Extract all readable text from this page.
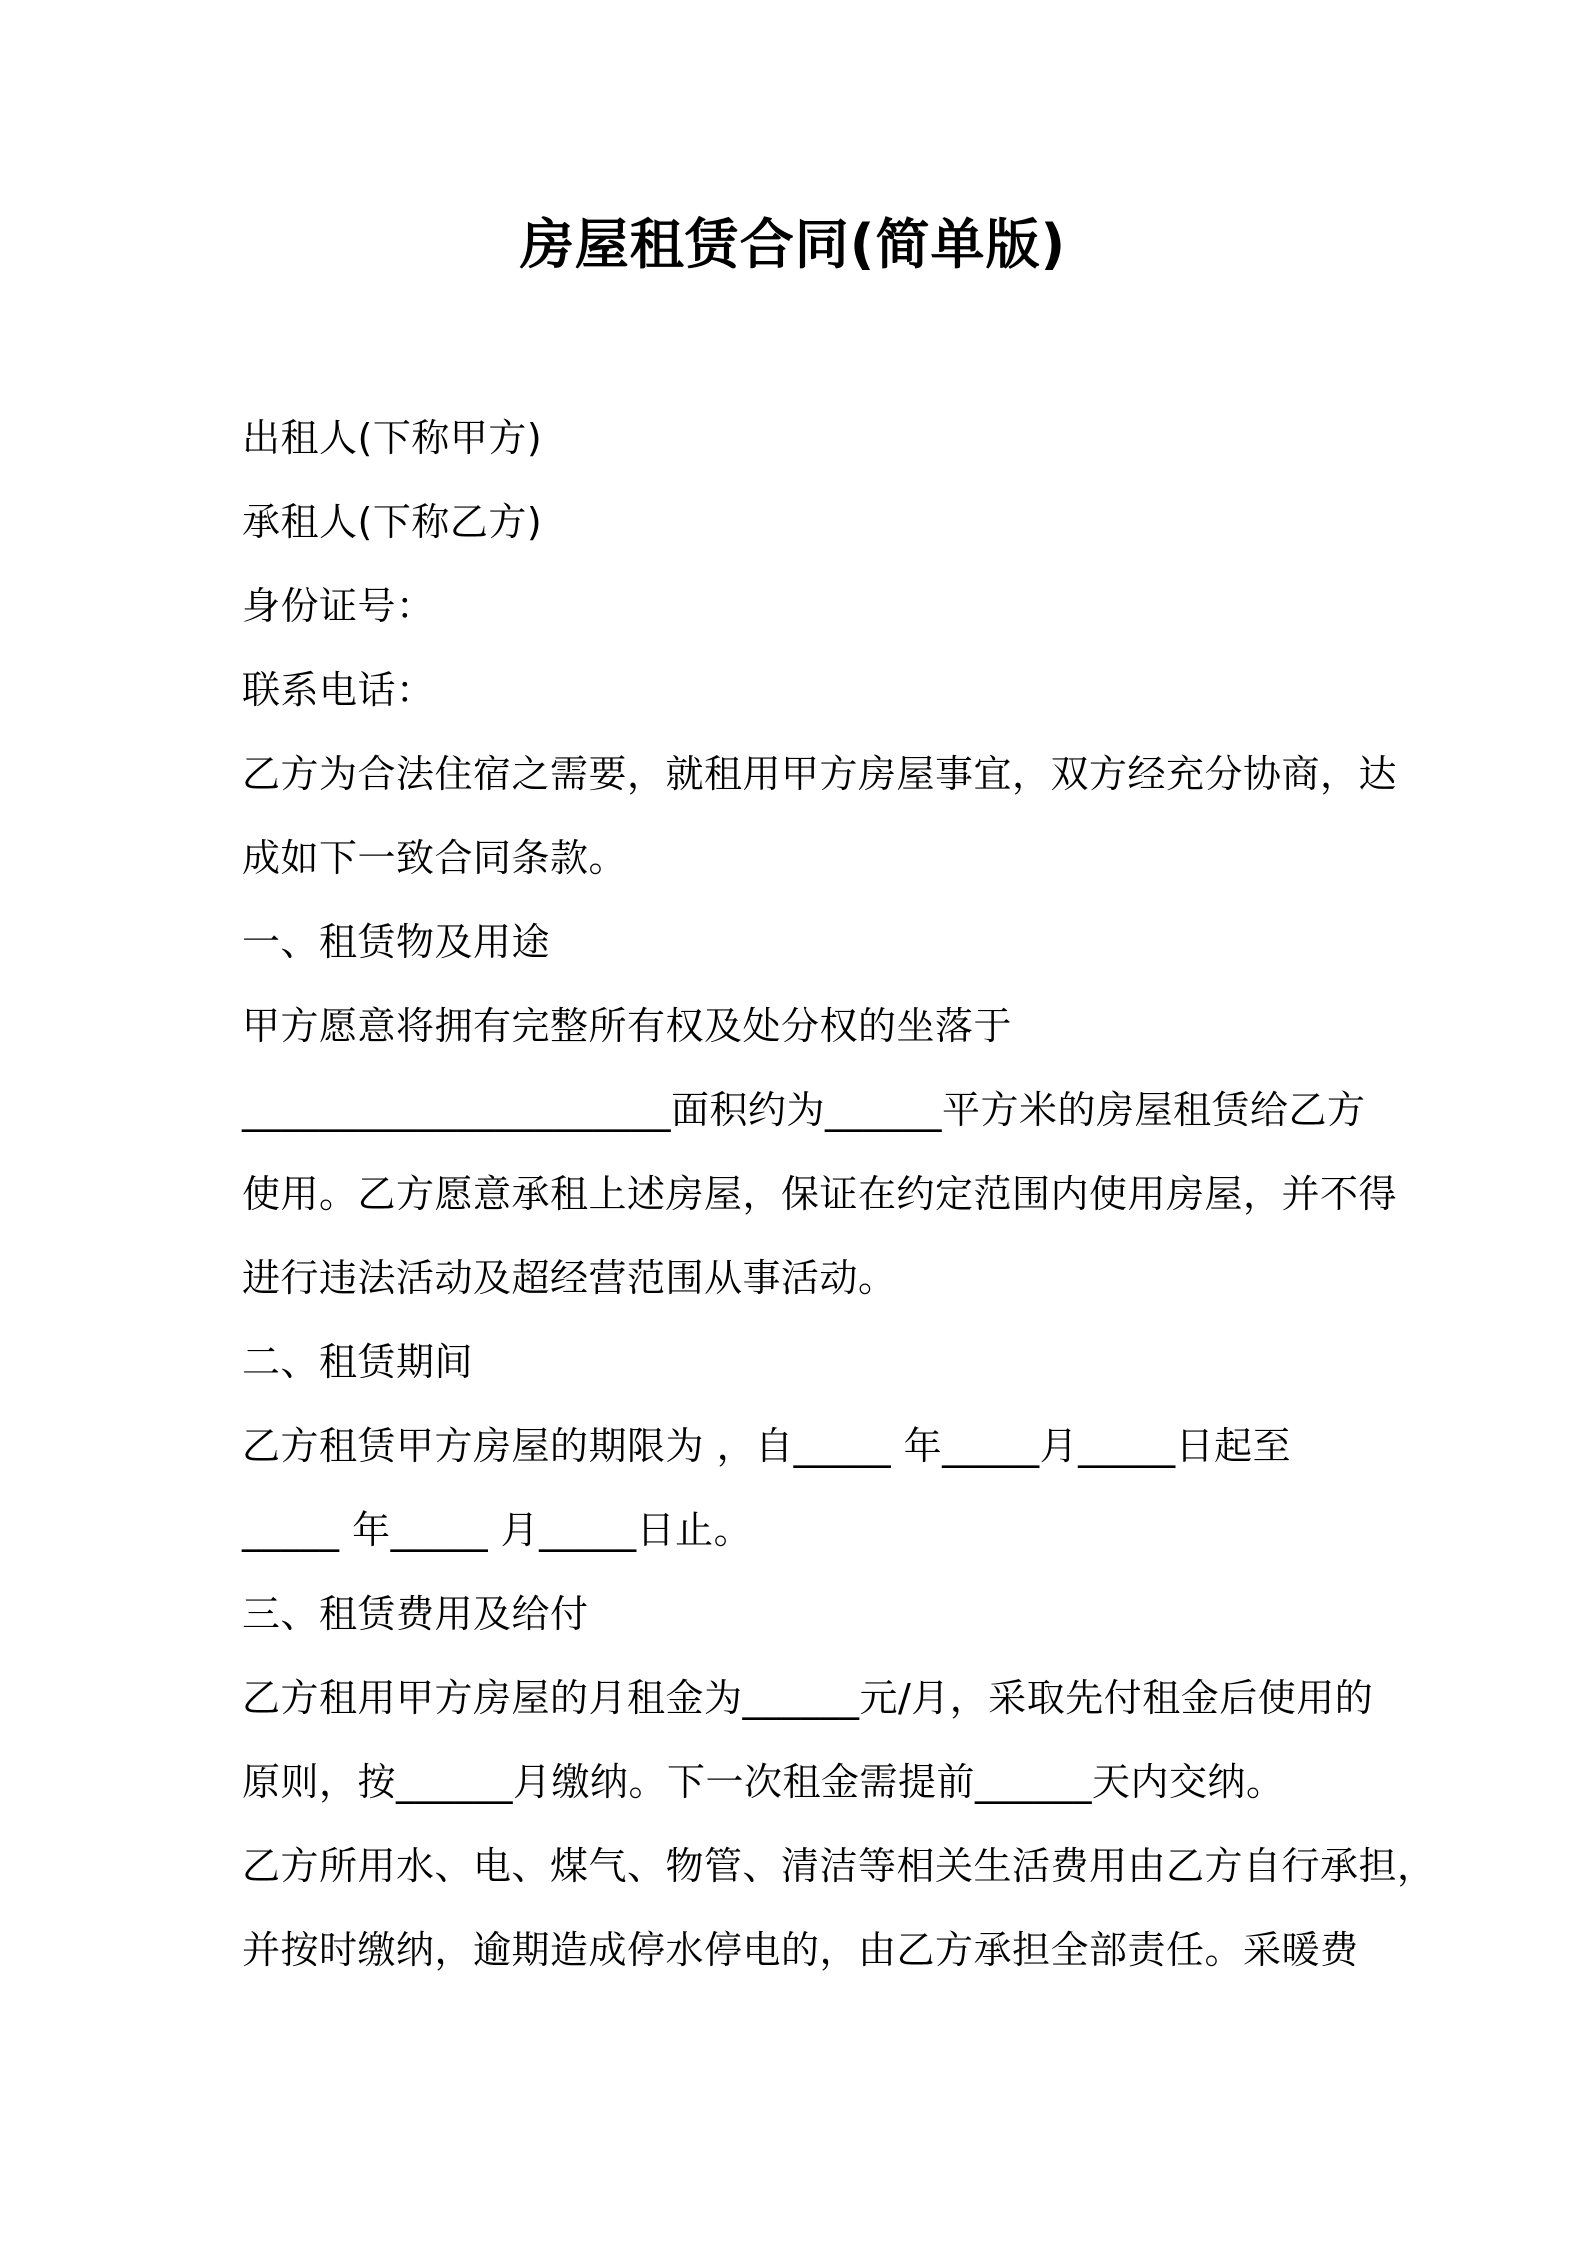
房屋租赁合同(简单版)
出租人(下称甲方)
承租人(下称乙方)
身份证号：
联系电话：
乙方为合法住宿之需要，就租用甲方房屋事宜，双方经充分协商，达
成如下一致合同条款。
一、租赁物及用途
甲方愿意将拥有完整所有权及处分权的坐落于
______________________面积约为______平方米的房屋租赁给乙方
使用。乙方愿意承租上述房屋，保证在约定范围内使用房屋，并不得
进行违法活动及超经营范围从事活动。
二、租赁期间
乙方租赁甲方房屋的期限为 ，自_____ 年_____月_____日起至
_____ 年_____ 月_____日止。
三、租赁费用及给付
乙方租用甲方房屋的月租金为______元/月，采取先付租金后使用的
原则，按______月缴纳。下一次租金需提前______天内交纳。
乙方所用水、电、煤气、物管、清洁等相关生活费用由乙方自行承担，
并按时缴纳，逾期造成停水停电的，由乙方承担全部责任。采暖费
